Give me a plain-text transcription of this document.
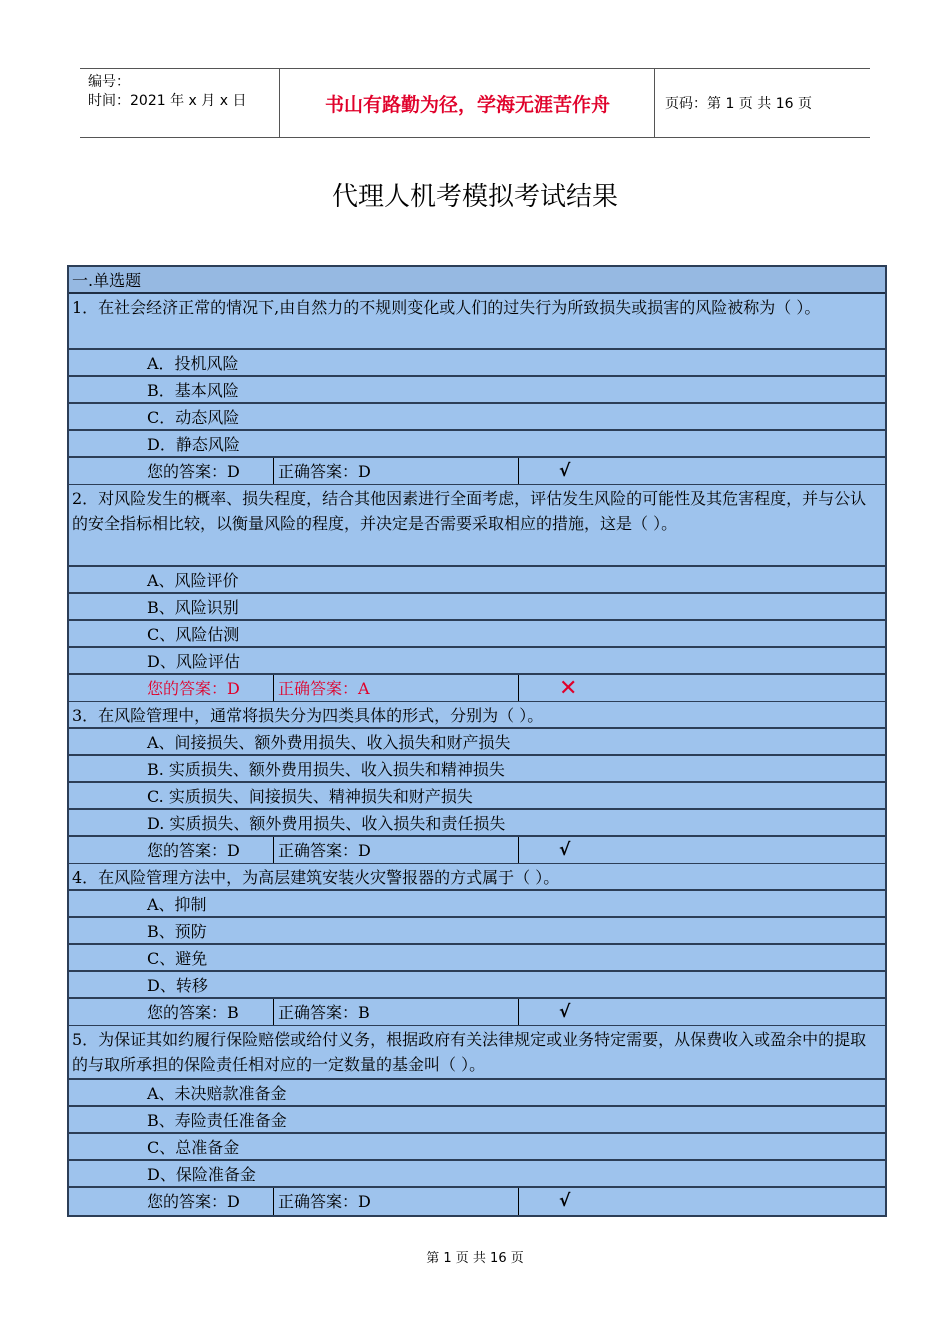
编号：
时间：2021 年 x 月 x 日	书山有路勤为径，学海无涯苦作舟	页码：第 1 页 共 16 页
代理人机考模拟考试结果
一.单选题
1．在社会经济正常的情况下,由自然力的不规则变化或人们的过失行为所致损失或损害的风险被称为（ ）。
A．投机风险
B．基本风险
C．动态风险
D．静态风险
您的答案：D	正确答案：D	√
2．对风险发生的概率、损失程度，结合其他因素进行全面考虑，评估发生风险的可能性及其危害程度，并与公认的安全指标相比较，以衡量风险的程度，并决定是否需要采取相应的措施，这是（ ）。
A、风险评价
B、风险识别
C、风险估测
D、风险评估
您的答案：D	正确答案：A	✕
3．在风险管理中，通常将损失分为四类具体的形式，分别为（ ）。
A、间接损失、额外费用损失、收入损失和财产损失
B. 实质损失、额外费用损失、收入损失和精神损失
C. 实质损失、间接损失、精神损失和财产损失
D. 实质损失、额外费用损失、收入损失和责任损失
您的答案：D	正确答案：D	√
4．在风险管理方法中，为高层建筑安装火灾警报器的方式属于（ ）。
A、抑制
B、预防
C、避免
D、转移
您的答案：B	正确答案：B	√
5．为保证其如约履行保险赔偿或给付义务，根据政府有关法律规定或业务特定需要，从保费收入或盈余中的提取的与取所承担的保险责任相对应的一定数量的基金叫（ ）。
A、未决赔款准备金
B、寿险责任准备金
C、总准备金
D、保险准备金
您的答案：D	正确答案：D	√
第 1 页 共 16 页
